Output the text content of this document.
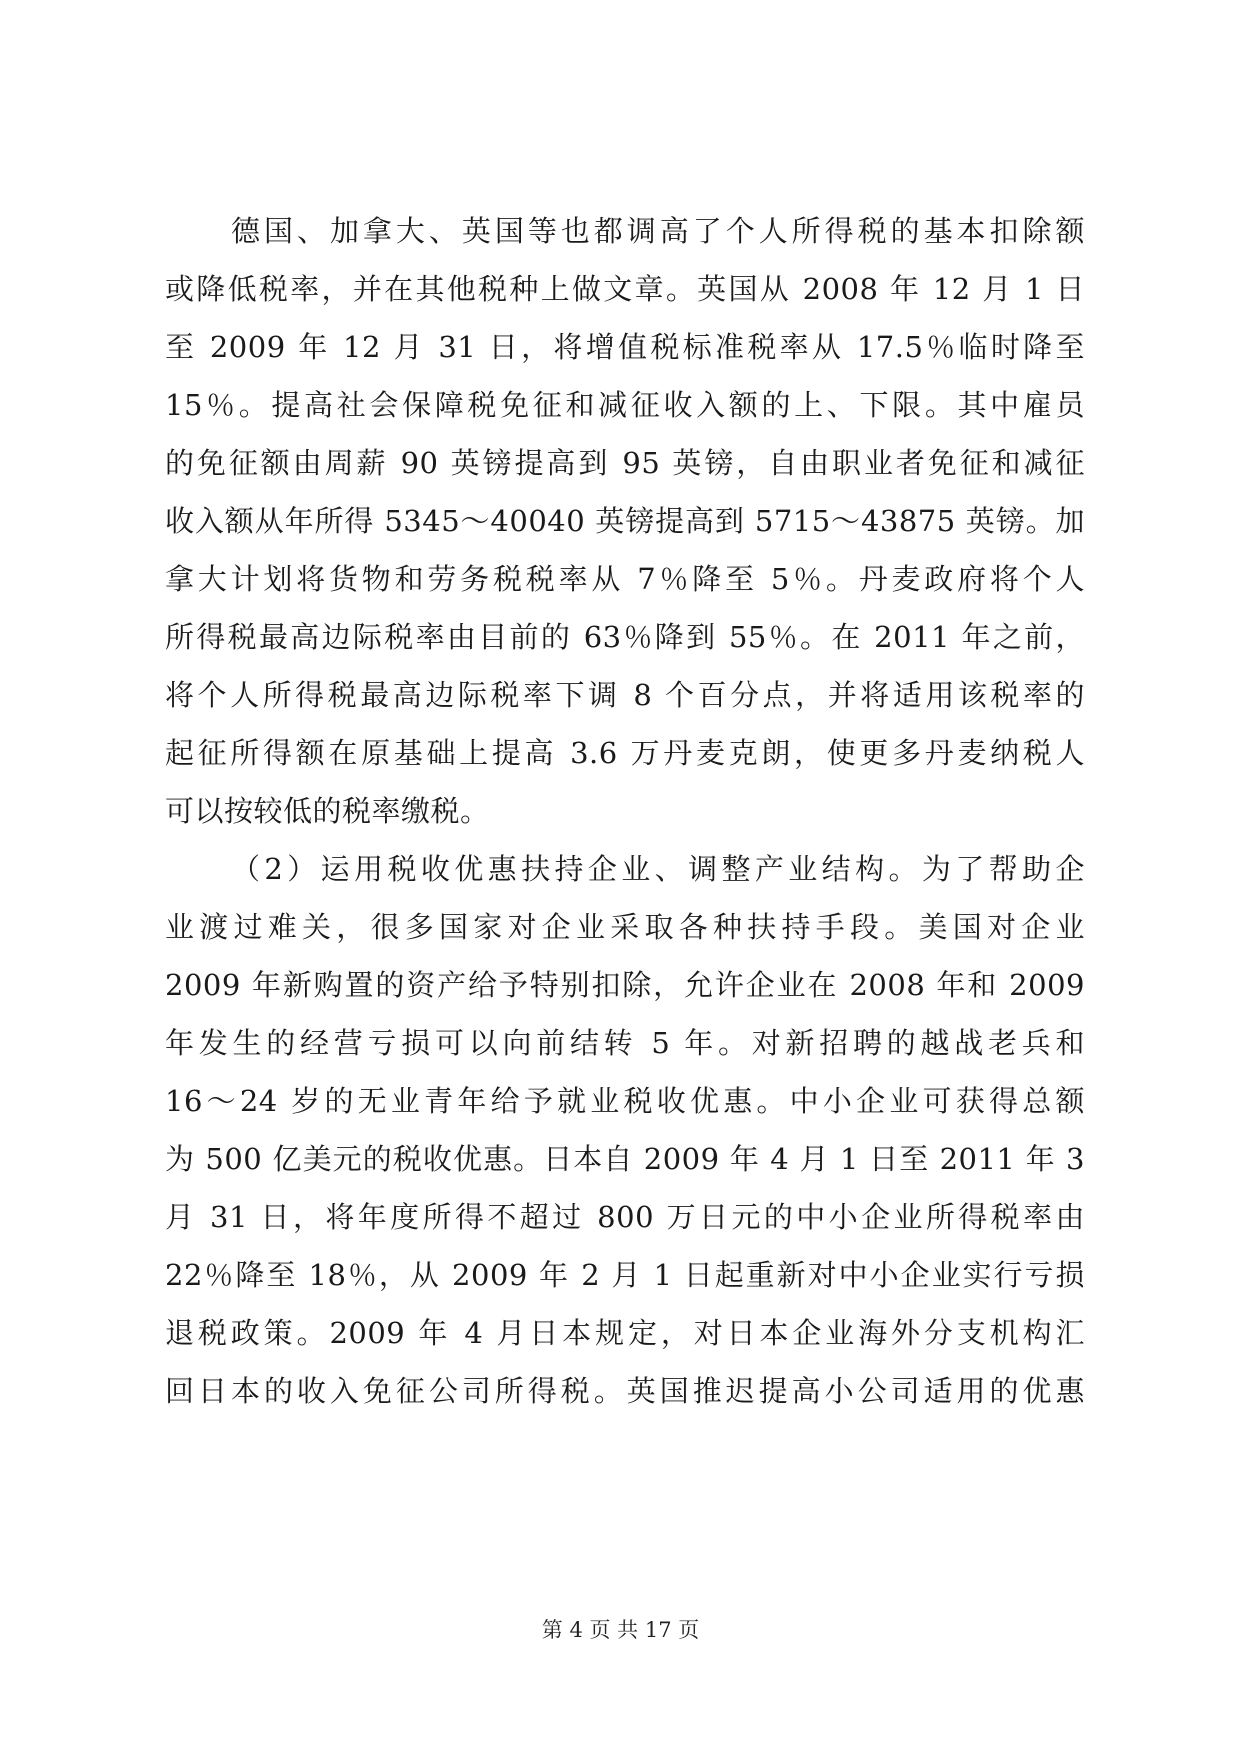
德国、加拿大、英国等也都调高了个人所得税的基本扣除额
或降低税率，并在其他税种上做文章。英国从 2008 年 12 月 1 日
至 2009 年 12 月 31 日，将增值税标准税率从 17.5％临时降至
15％。提高社会保障税免征和减征收入额的上、下限。其中雇员
的免征额由周薪 90 英镑提高到 95 英镑，自由职业者免征和减征
收入额从年所得 5345～40040 英镑提高到 5715～43875 英镑。加
拿大计划将货物和劳务税税率从 7％降至 5％。丹麦政府将个人
所得税最高边际税率由目前的 63％降到 55％。在 2011 年之前，
将个人所得税最高边际税率下调 8 个百分点，并将适用该税率的
起征所得额在原基础上提高 3.6 万丹麦克朗，使更多丹麦纳税人
可以按较低的税率缴税。
（2）运用税收优惠扶持企业、调整产业结构。为了帮助企
业渡过难关，很多国家对企业采取各种扶持手段。美国对企业
2009 年新购置的资产给予特别扣除，允许企业在 2008 年和 2009
年发生的经营亏损可以向前结转 5 年。对新招聘的越战老兵和
16～24 岁的无业青年给予就业税收优惠。中小企业可获得总额
为 500 亿美元的税收优惠。日本自 2009 年 4 月 1 日至 2011 年 3
月 31 日，将年度所得不超过 800 万日元的中小企业所得税率由
22％降至 18％，从 2009 年 2 月 1 日起重新对中小企业实行亏损
退税政策。2009 年 4 月日本规定，对日本企业海外分支机构汇
回日本的收入免征公司所得税。英国推迟提高小公司适用的优惠
第 4 页 共 17 页
